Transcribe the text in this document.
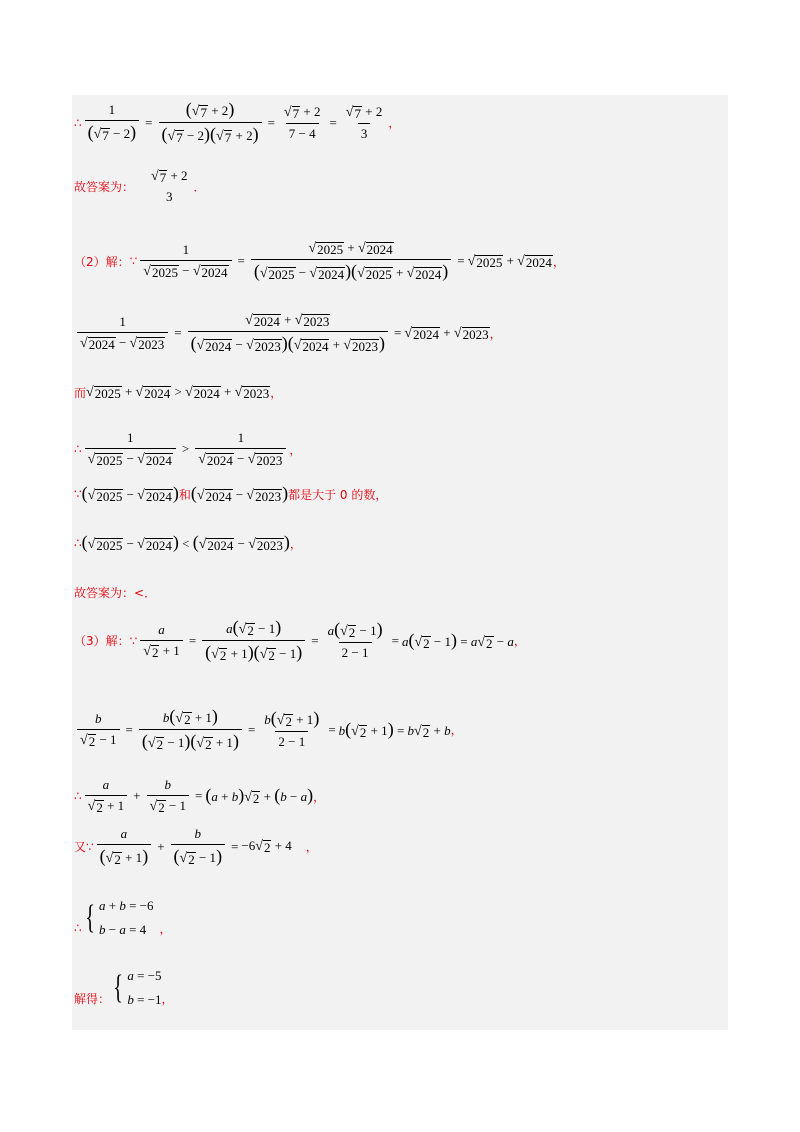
∴ $\frac{1}{( √ 7 - 2)} = \frac{( √ 7 + 2)}{( √ 7 - 2)( √ 7 + 2)} = \frac{√ 7 + 2}{7 - 4} = \frac{√ 7 + 2}{3}$ ，
故答案为：
√ 7 + 2
3
．
（2）解： ∵ $\frac{1}{√ 2025 - √ 2024} = \frac{√ 2025 + √ 2024}{( √ 2025 - √ 2024 )( √ 2025 + √ 2024 )}$ = √ 2025 + √ 2024 ，
$\frac{1}{√ 2024 - √ 2023} = \frac{√ 2024 + √ 2023}{( √ 2024 - √ 2023 )( √ 2024 + √ 2023 )}$ = √ 2024 + √ 2023 ，
而 √ 2025 + √ 2024 > √ 2024 + √ 2023 ，
∴ $\frac{1}{√ 2025 - √ 2024} > \frac{1}{√ 2024 - √ 2023}$ ，
∵ ( √ 2025 − √ 2024 ) 和 ( √ 2024 − √ 2023 ) 都是大于 0 的数，
∴ ( √ 2025 − √ 2024 ) < ( √ 2024 − √ 2023 ) ，
故答案为： < ．
（3）解： ∵ $\frac{a}{√ 2 + 1} = \frac{a( √ 2 - 1)}{( √ 2 + 1)( √ 2 - 1)} = \frac{a( √ 2 - 1)}{2 - 1} = a$( √ 2 − 1) = a √ 2 − a ，
$\frac{b}{√ 2 - 1} = \frac{b( √ 2 + 1)}{( √ 2 - 1)( √ 2 + 1)} = \frac{b( √ 2 + 1)}{2 - 1} = b$( √ 2 + 1) = b √ 2 + b ，
∴ $\frac{a}{√ 2 + 1} + \frac{b}{√ 2 - 1} = (a + b)$ √ 2 + (b − a) ，
又 ∵ $\frac{a}{( √ 2 + 1)} + \frac{b}{( √ 2 - 1)} = -6$ √ 2 + 4 ，
∴ { a + b = −6
b − a = 4	，
解得： { a = −5
b = −1 ，
